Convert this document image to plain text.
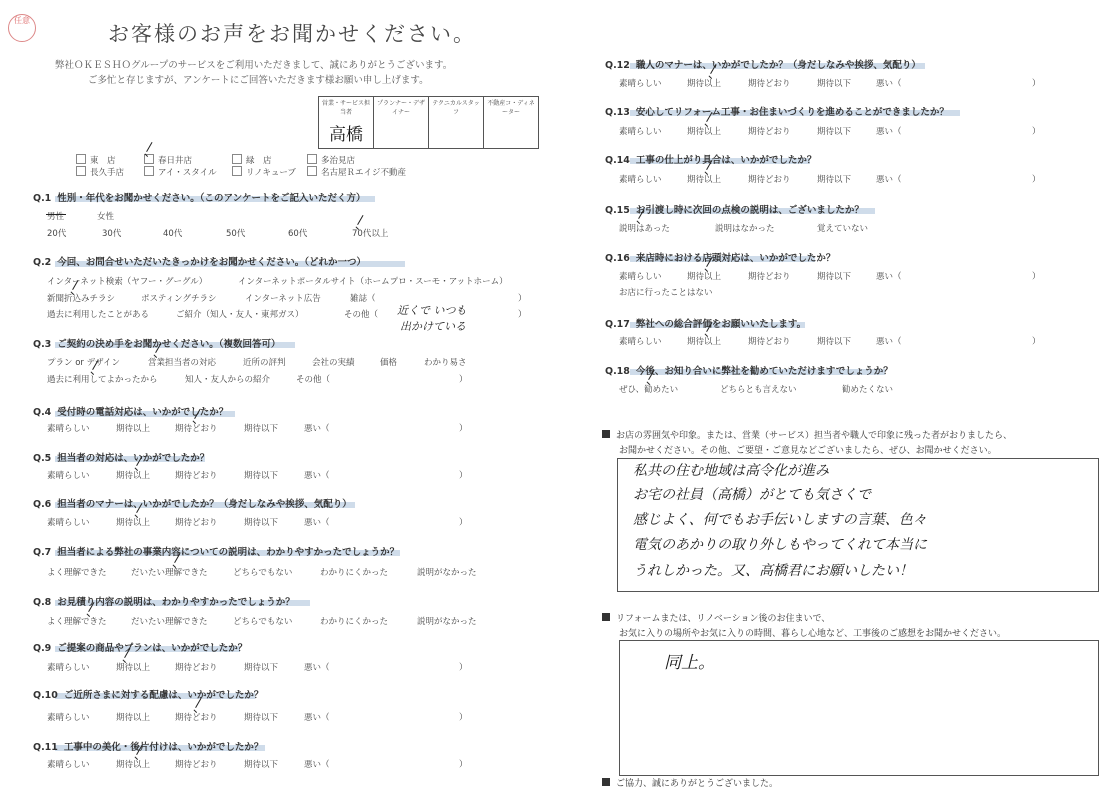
任意
お客様のお声をお聞かせください。
弊社ＯＫＥＳＨＯグループのサービスをご利用いただきまして、誠にありがとうございます。
ご多忙と存じますが、アンケートにご回答いただきます様お願い申し上げます。
営業・サービス担当者
高橋
	プランナー・デザイナー	テクニカルスタッフ	不動産コ・ディネーター
東　店	春日井店	緑　店	多治見店
長久手店	アイ・スタイル	リノキューブ	名古屋Ｒエイジ不動産
Q.1 性別・年代をお聞かせください。（このアンケートをご記入いただく方）
男性	女性
20代	30代	40代	50代	60代	70代以上
Q.2 今回、お問合せいただいたきっかけをお聞かせください。（どれか一つ）
インターネット検索（ヤフー・グーグル）	インターネットポータルサイト（ホームプロ・スーモ・アットホーム）
新聞折込みチラシ	ポスティングチラシ	インターネット広告	雑誌（	）
過去に利用したことがある	ご紹介（知人・友人・東邦ガス）	その他（	）
近くで いつも
出かけている
Q.3 ご契約の決め手をお聞かせください。（複数回答可）
プラン or デザイン	営業担当者の対応	近所の評判	会社の実績	価格	わかり易さ
過去に利用してよかったから	知人・友人からの紹介	その他（	）
Q.4 受付時の電話対応は、いかがでしたか？
素晴らしい	期待以上	期待どおり	期待以下	悪い（	）
Q.5 担当者の対応は、いかがでしたか？
素晴らしい	期待以上	期待どおり	期待以下	悪い（	）
Q.6 担当者のマナーは、いかがでしたか？（身だしなみや挨拶、気配り）
素晴らしい	期待以上	期待どおり	期待以下	悪い（	）
Q.7 担当者による弊社の事業内容についての説明は、わかりやすかったでしょうか？
よく理解できた	だいたい理解できた	どちらでもない	わかりにくかった	説明がなかった
Q.8 お見積り内容の説明は、わかりやすかったでしょうか？
よく理解できた	だいたい理解できた	どちらでもない	わかりにくかった	説明がなかった
Q.9 ご提案の商品やプランは、いかがでしたか？
素晴らしい	期待以上	期待どおり	期待以下	悪い（	）
Q.10 ご近所さまに対する配慮は、いかがでしたか？
素晴らしい	期待以上	期待どおり	期待以下	悪い（	）
Q.11 工事中の美化・後片付けは、いかがでしたか？
素晴らしい	期待以上	期待どおり	期待以下	悪い（	）
Q.12 職人のマナーは、いかがでしたか？（身だしなみや挨拶、気配り）
素晴らしい	期待以上	期待どおり	期待以下	悪い（	）
Q.13 安心してリフォーム工事・お住まいづくりを進めることができましたか？
素晴らしい	期待以上	期待どおり	期待以下	悪い（	）
Q.14 工事の仕上がり具合は、いかがでしたか？
素晴らしい	期待以上	期待どおり	期待以下	悪い（	）
Q.15 お引渡し時に次回の点検の説明は、ございましたか？
説明はあった	説明はなかった	覚えていない
Q.16 来店時における店頭対応は、いかがでしたか？
素晴らしい	期待以上	期待どおり	期待以下	悪い（	）
お店に行ったことはない
Q.17 弊社への総合評価をお願いいたします。
素晴らしい	期待以上	期待どおり	期待以下	悪い（	）
Q.18 今後、お知り合いに弊社を勧めていただけますでしょうか？
ぜひ、勧めたい	どちらとも言えない	勧めたくない
お店の雰囲気や印象。または、営業（サービス）担当者や職人で印象に残った者がおりましたら、
お聞かせください。その他、ご要望・ご意見などございましたら、ぜひ、お聞かせください。
私共の住む地域は高令化が進み
お宅の社員（高橋）がとても気さくで
感じよく、何でもお手伝いしますの言葉、色々
電気のあかりの取り外しもやってくれて本当に
うれしかった。又、高橋君にお願いしたい！
リフォームまたは、リノベーション後のお住まいで、
お気に入りの場所やお気に入りの時間、暮らし心地など、工事後のご感想をお聞かせください。
同上。
ご協力、誠にありがとうございました。
